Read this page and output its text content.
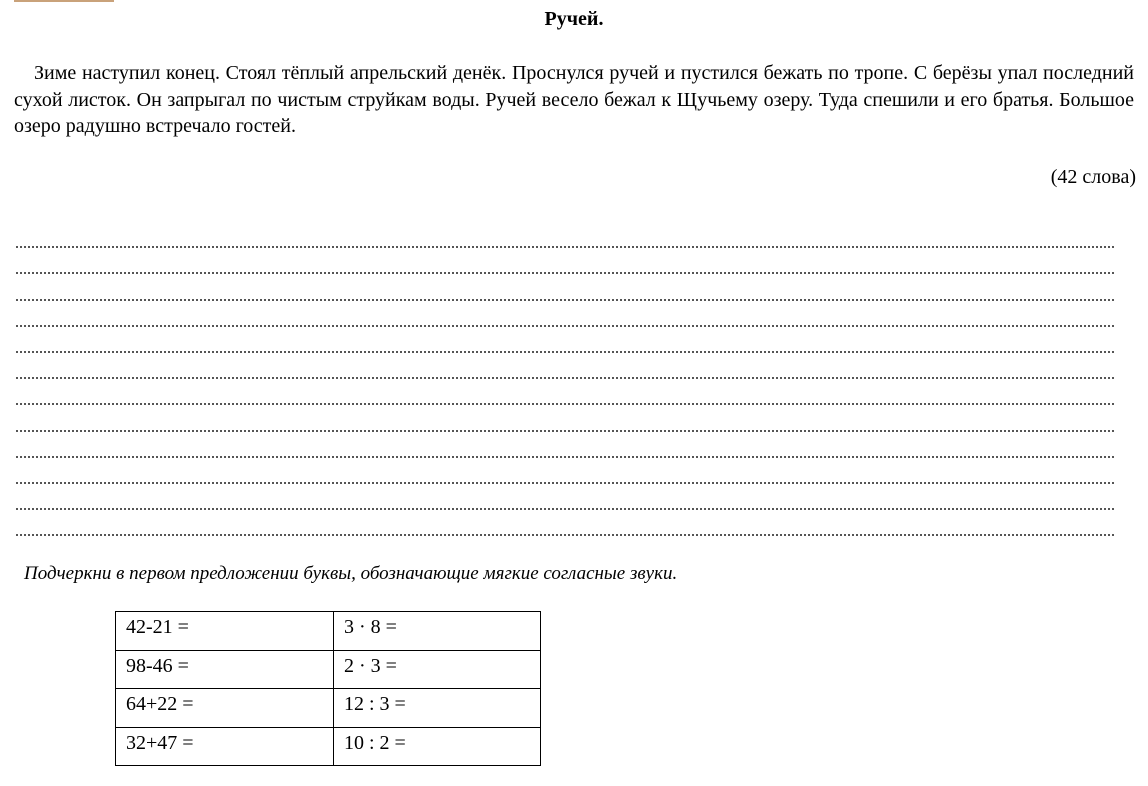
Ручей.

Зиме наступил конец. Стоял тёплый апрельский денёк. Проснулся ручей и пустился бежать по тропе. С берёзы упал последний сухой листок. Он запрыгал по чистым струйкам воды. Ручей весело бежал к Щучьему озеру. Туда спешили и его братья. Большое озеро радушно встречало гостей.

(42 слова)
Подчеркни в первом предложении буквы, обозначающие мягкие согласные звуки.
42-21 =	3 · 8 =
98-46 =	2 · 3 =
64+22 =	12 : 3 =
32+47 =	10 : 2 =
